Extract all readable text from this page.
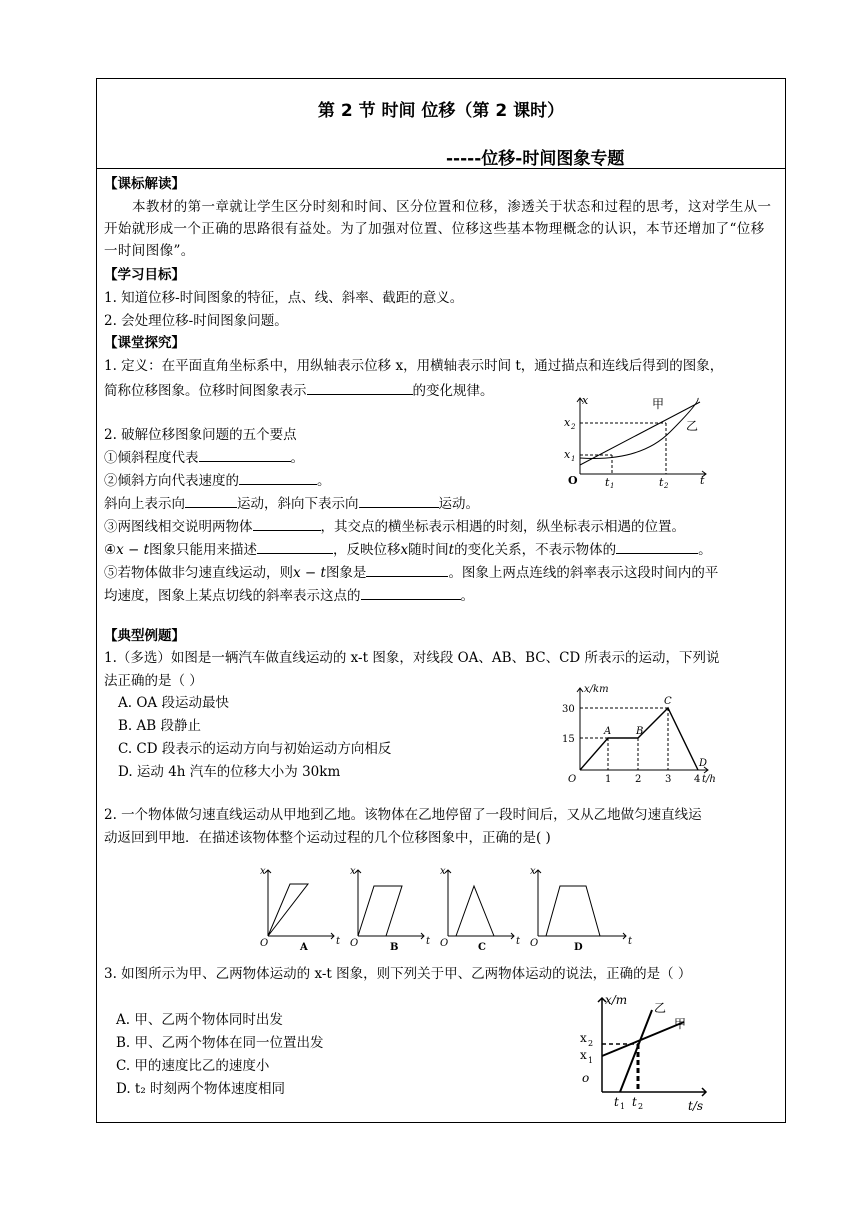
第 2 节 时间 位移（第 2 课时）
-----位移-时间图象专题
【课标解读】
本教材的第一章就让学生区分时刻和时间、区分位置和位移，渗透关于状态和过程的思考，这对学生从一开始就形成一个正确的思路很有益处。为了加强对位置、位移这些基本物理概念的认识，本节还增加了“位移一时间图像”。
【学习目标】
1. 知道位移-时间图象的特征，点、线、斜率、截距的意义。
2. 会处理位移-时间图象问题。
【课堂探究】
1. 定义：在平面直角坐标系中，用纵轴表示位移 x，用横轴表示时间 t，通过描点和连线后得到的图象，
简称位移图象。位移时间图象表示	的变化规律。
2. 破解位移图象问题的五个要点
①倾斜程度代表	。
②倾斜方向代表速度的	。
斜向上表示向	运动，斜向下表示向	运动。
③两图线相交说明两物体	，其交点的横坐标表示相遇的时刻，纵坐标表示相遇的位置。
④x − t图象只能用来描述	，反映位移x随时间t的变化关系，不表示物体的	。
⑤若物体做非匀速直线运动，则x − t图象是	。图象上两点连线的斜率表示这段时间内的平
均速度，图象上某点切线的斜率表示这点的	。
x
t
x 2
x 1
t 1	t 2
O
甲
乙
【典型例题】
1.（多选）如图是一辆汽车做直线运动的 x-t 图象，对线段 OA、AB、BC、CD 所表示的运动，下列说
法正确的是（ ）
A. OA 段运动最快
B. AB 段静止
C. CD 段表示的运动方向与初始运动方向相反
D. 运动 4h 汽车的位移大小为 30km
x/km
30
15
1 2 3 4 t/h
O
A B
C
D
2. 一个物体做匀速直线运动从甲地到乙地。该物体在乙地停留了一段时间后，又从乙地做匀速直线运
动返回到甲地．在描述该物体整个运动过程的几个位移图象中，正确的是( )
x
t
O
x
t
O
x
t
O
x
t
O
A	B	C	D
3. 如图所示为甲、乙两物体运动的 x-t 图象，则下列关于甲、乙两物体运动的说法，正确的是（ ）
A. 甲、乙两个物体同时出发
B. 甲、乙两个物体在同一位置出发
C. 甲的速度比乙的速度小
D. t₂ 时刻两个物体速度相同
x/m
x 2
x 1
o
t 1 t 2	t/s
乙
甲
